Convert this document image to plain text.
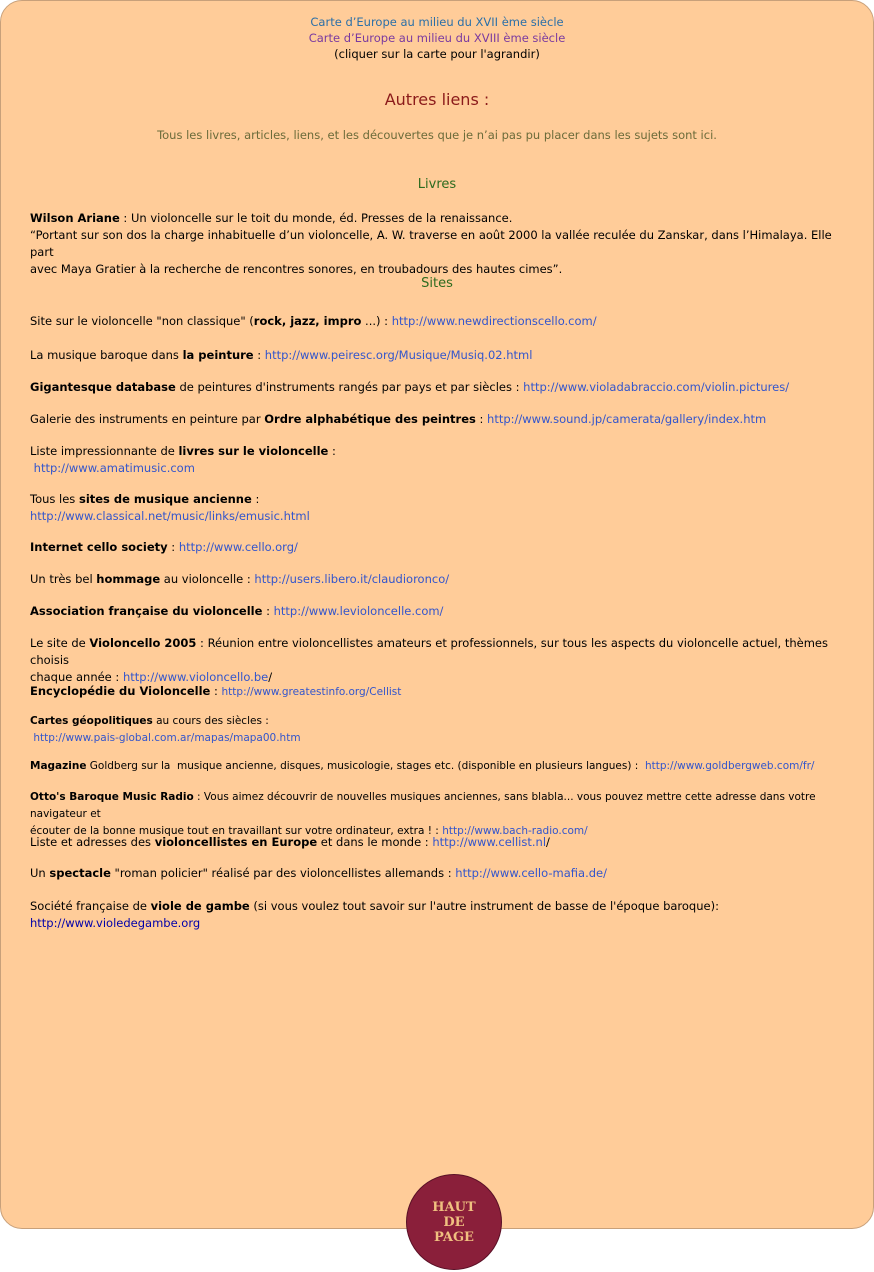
Carte d’Europe au milieu du XVII ème siècle
Carte d’Europe au milieu du XVIII ème siècle
(cliquer sur la carte pour l'agrandir)
Autres liens :
Tous les livres, articles, liens, et les découvertes que je n’ai pas pu placer dans les sujets sont ici.
Livres
Wilson Ariane : Un violoncelle sur le toit du monde, éd. Presses de la renaissance.
“Portant sur son dos la charge inhabituelle d’un violoncelle, A. W. traverse en août 2000 la vallée reculée du Zanskar, dans l’Himalaya. Elle part
avec Maya Gratier à la recherche de rencontres sonores, en troubadours des hautes cimes”.
Sites
Site sur le violoncelle "non classique" (rock, jazz, impro ...) : http://www.newdirectionscello.com/
La musique baroque dans la peinture : http://www.peiresc.org/Musique/Musiq.02.html
Gigantesque database de peintures d'instruments rangés par pays et par siècles : http://www.violadabraccio.com/violin.pictures/
Galerie des instruments en peinture par Ordre alphabétique des peintres : http://www.sound.jp/camerata/gallery/index.htm
Liste impressionnante de livres sur le violoncelle :
http://www.amatimusic.com
Tous les sites de musique ancienne :
http://www.classical.net/music/links/emusic.html
Internet cello society : http://www.cello.org/
Un très bel hommage au violoncelle : http://users.libero.it/claudioronco/
Association française du violoncelle : http://www.levioloncelle.com/
Le site de Violoncello 2005 : Réunion entre violoncellistes amateurs et professionnels, sur tous les aspects du violoncelle actuel, thèmes choisis
chaque année : http://www.violoncello.be/
Encyclopédie du Violoncelle : http://www.greatestinfo.org/Cellist
Cartes géopolitiques au cours des siècles :
http://www.pais-global.com.ar/mapas/mapa00.htm
Magazine Goldberg sur la  musique ancienne, disques, musicologie, stages etc. (disponible en plusieurs langues) :  http://www.goldbergweb.com/fr/
Otto's Baroque Music Radio : Vous aimez découvrir de nouvelles musiques anciennes, sans blabla... vous pouvez mettre cette adresse dans votre navigateur et
écouter de la bonne musique tout en travaillant sur votre ordinateur, extra ! : http://www.bach-radio.com/
Liste et adresses des violoncellistes en Europe et dans le monde : http://www.cellist.nl/
Un spectacle "roman policier" réalisé par des violoncellistes allemands : http://www.cello-mafia.de/
Société française de viole de gambe (si vous voulez tout savoir sur l'autre instrument de basse de l'époque baroque):
http://www.violedegambe.org
HAUT
DE
PAGE
